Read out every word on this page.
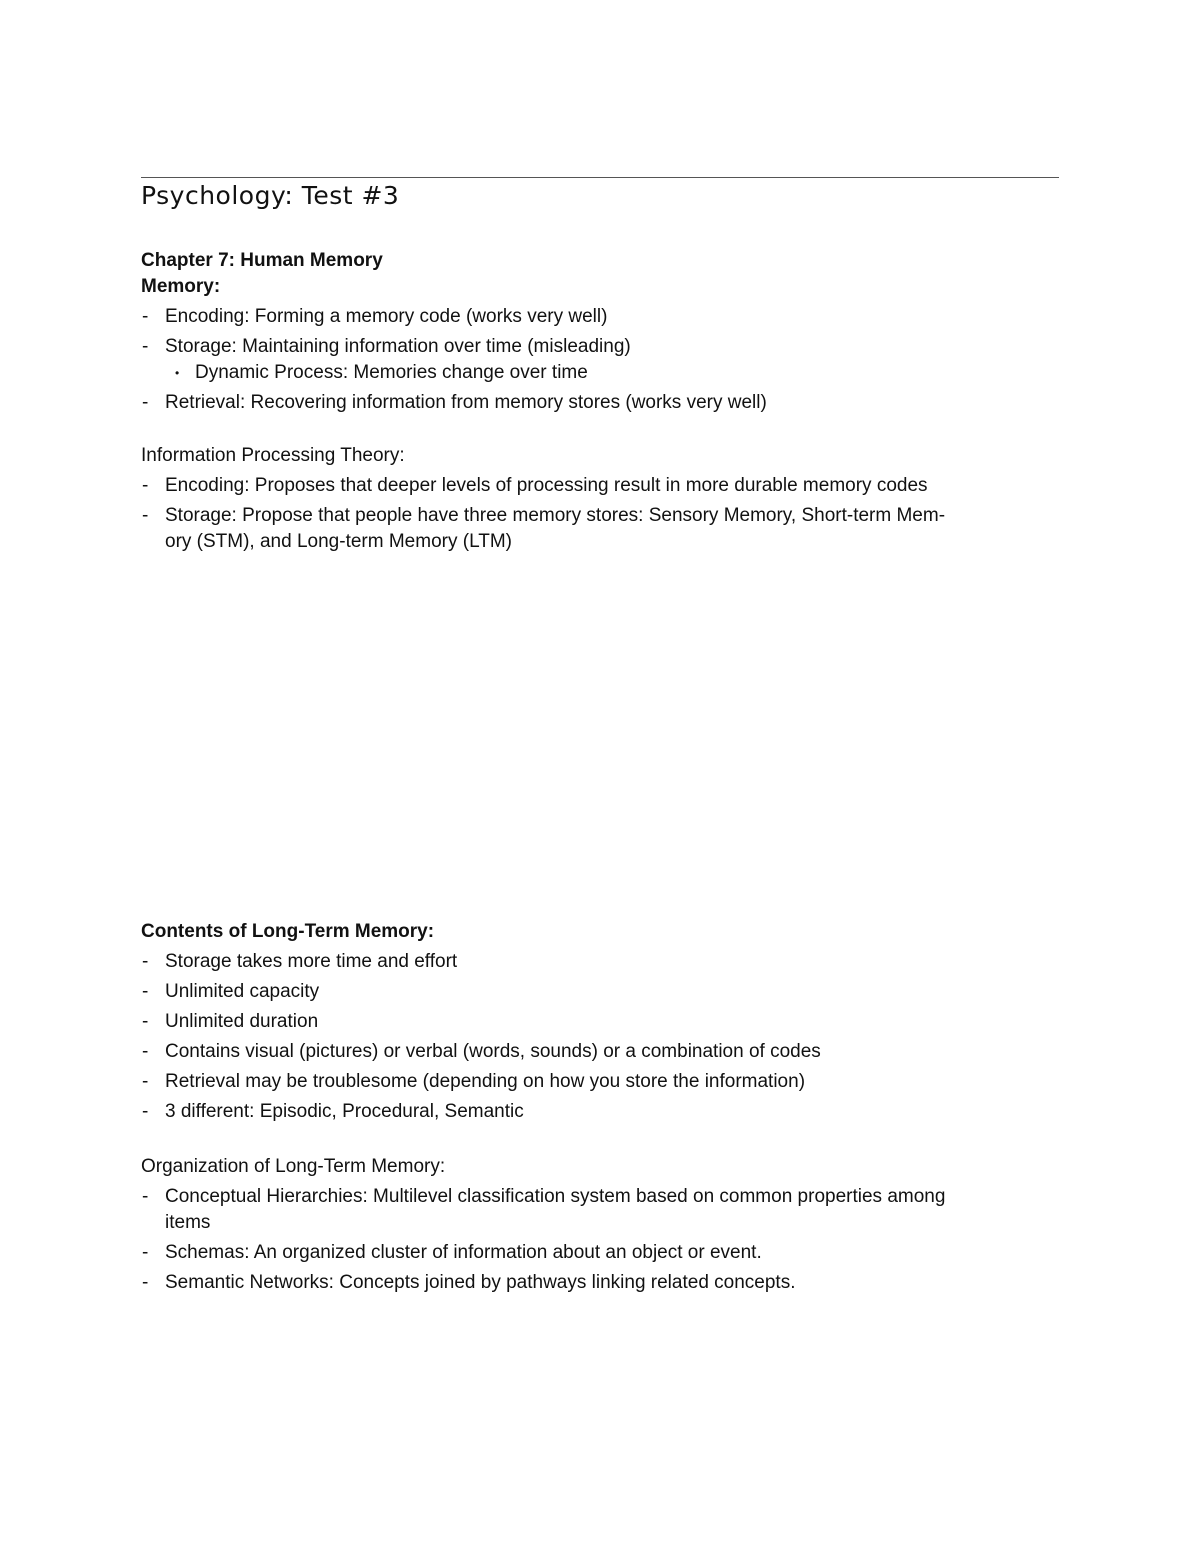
Psychology: Test #3
Chapter 7: Human Memory
Memory:
- Encoding: Forming a memory code (works very well)
- Storage: Maintaining information over time (misleading)
• Dynamic Process: Memories change over time
- Retrieval: Recovering information from memory stores (works very well)
Information Processing Theory:
- Encoding: Proposes that deeper levels of processing result in more durable memory codes
- Storage: Propose that people have three memory stores: Sensory Memory, Short-term Mem-
ory (STM), and Long-term Memory (LTM)
Contents of Long-Term Memory:
- Storage takes more time and effort
- Unlimited capacity
- Unlimited duration
- Contains visual (pictures) or verbal (words, sounds) or a combination of codes
- Retrieval may be troublesome (depending on how you store the information)
- 3 different: Episodic, Procedural, Semantic
Organization of Long-Term Memory:
- Conceptual Hierarchies: Multilevel classification system based on common properties among
items
- Schemas: An organized cluster of information about an object or event.
- Semantic Networks: Concepts joined by pathways linking related concepts.
